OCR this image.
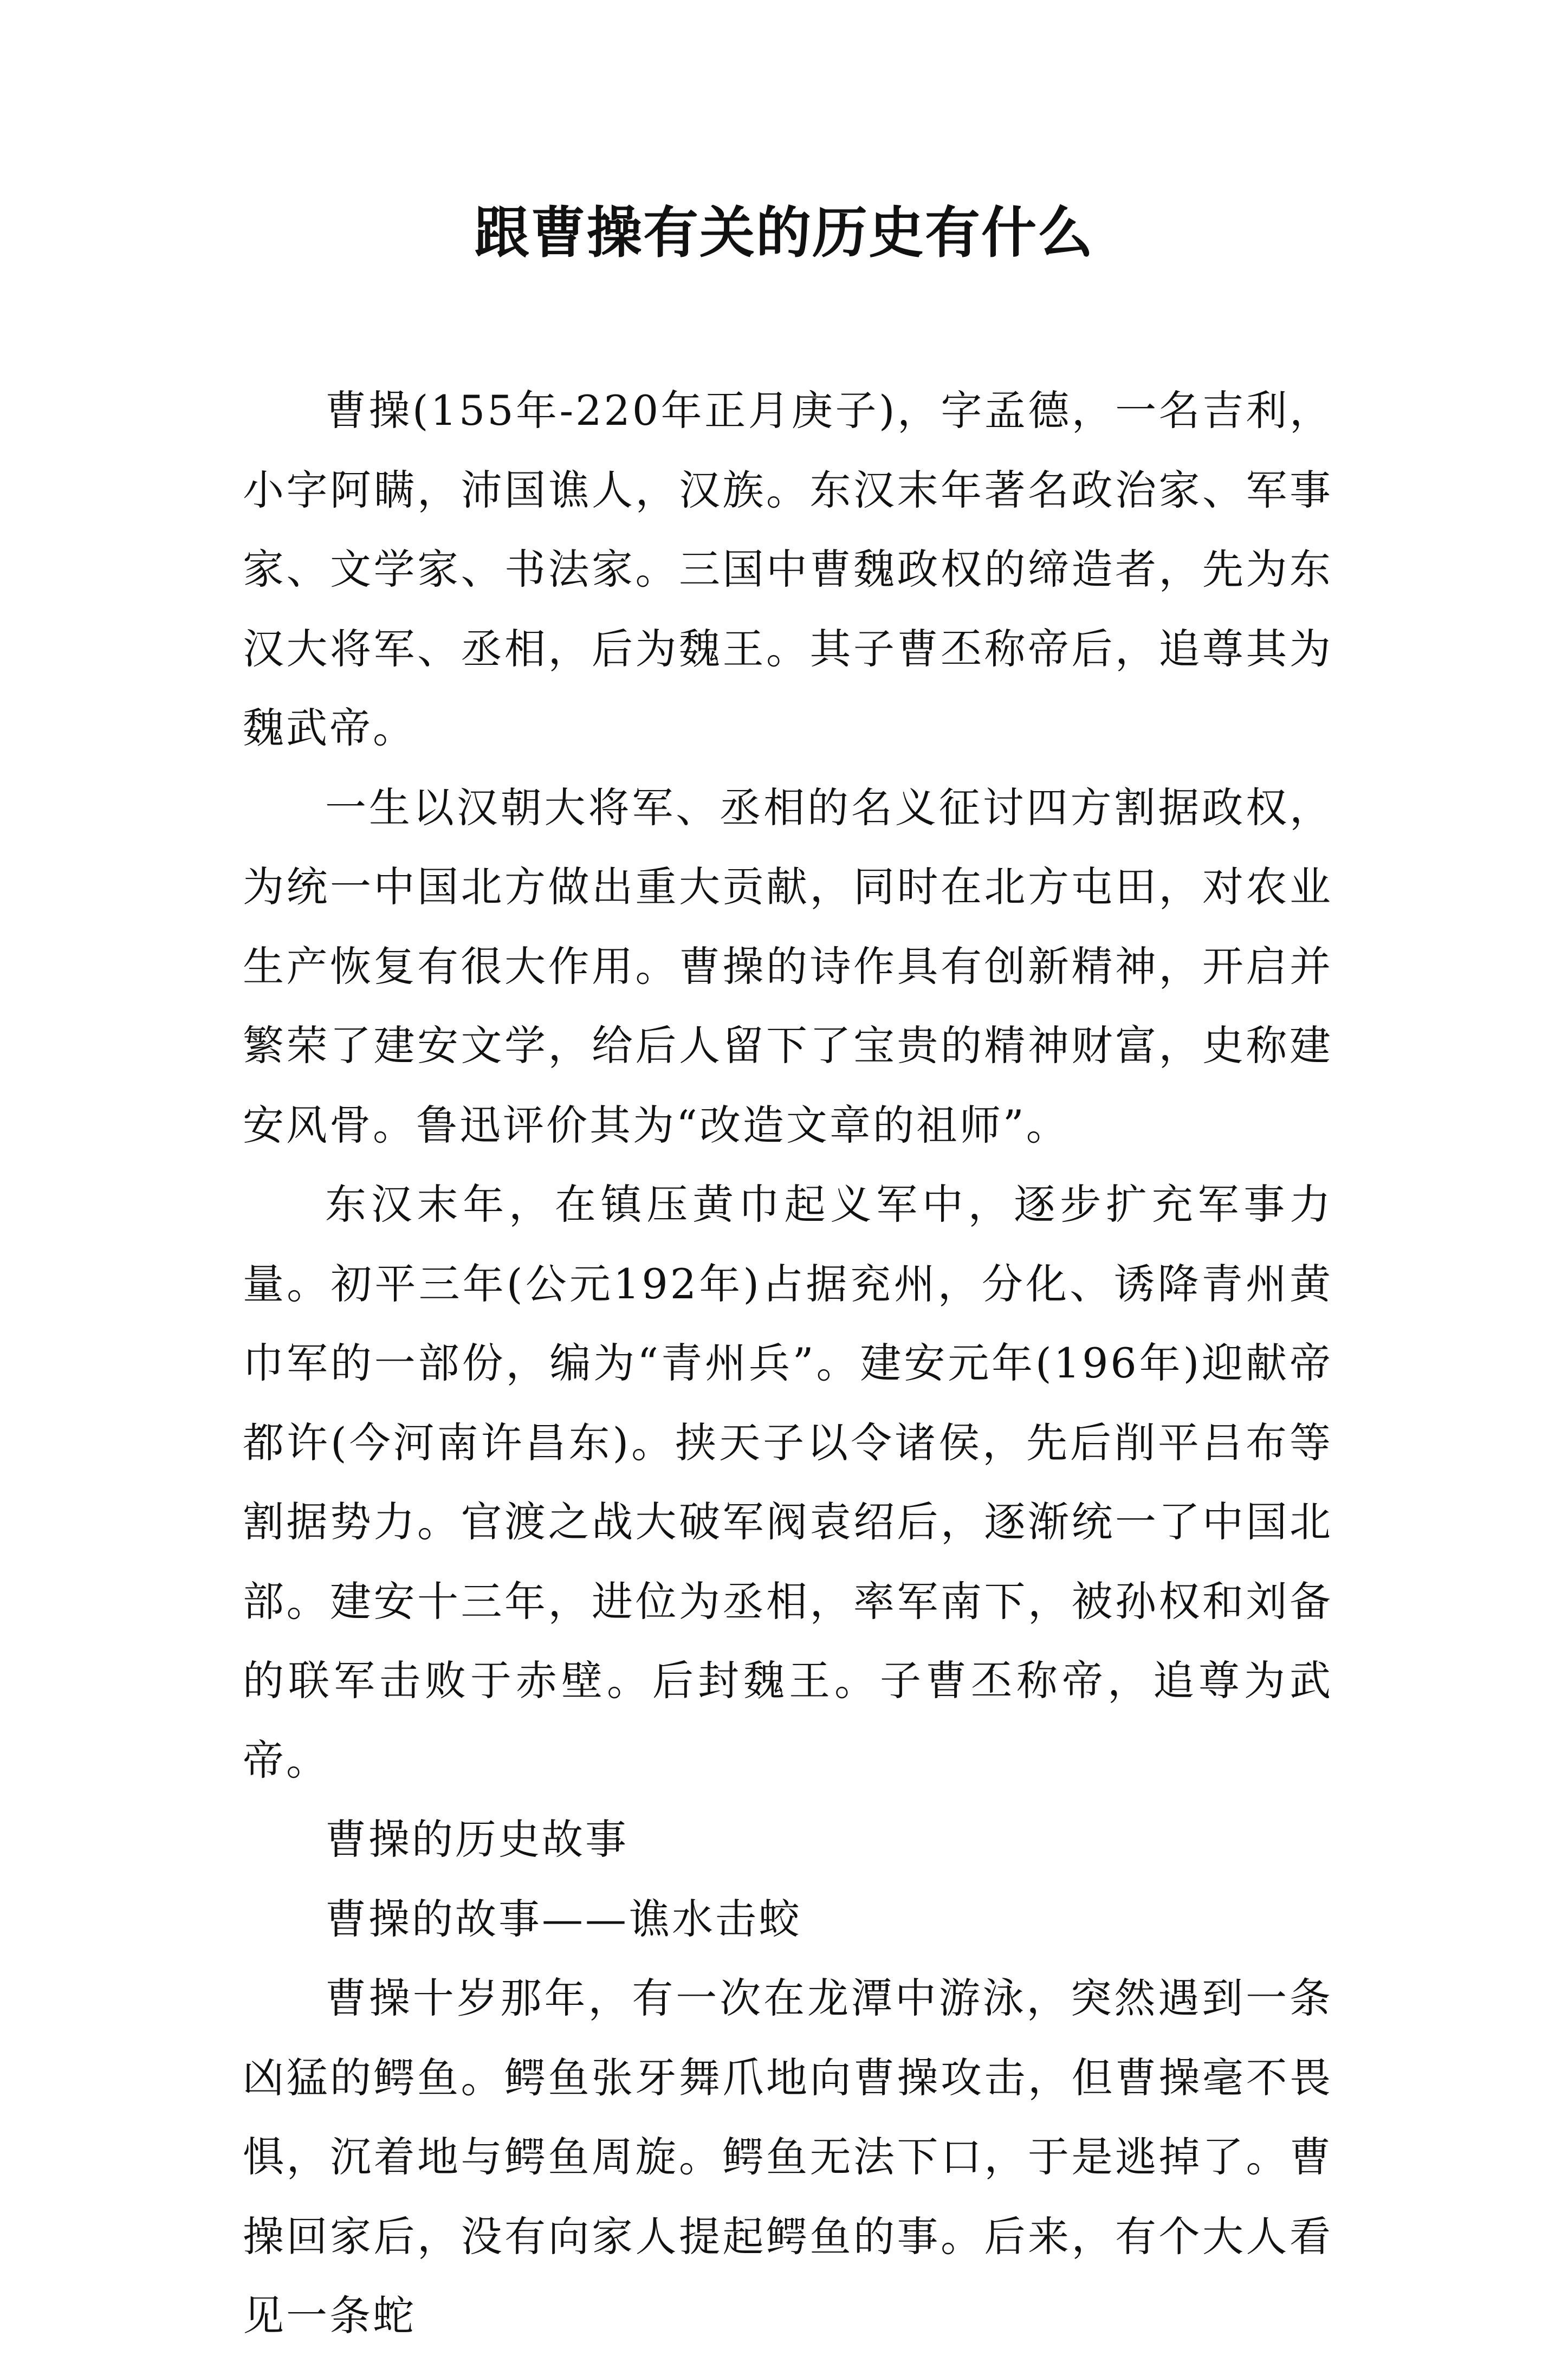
跟曹操有关的历史有什么

曹操(155年-220年正月庚子)，字孟德，一名吉利，小字阿瞒，沛国谯人，汉族。东汉末年著名政治家、军事家、文学家、书法家。三国中曹魏政权的缔造者，先为东汉大将军、丞相，后为魏王。其子曹丕称帝后，追尊其为魏武帝。

一生以汉朝大将军、丞相的名义征讨四方割据政权，为统一中国北方做出重大贡献，同时在北方屯田，对农业生产恢复有很大作用。曹操的诗作具有创新精神，开启并繁荣了建安文学，给后人留下了宝贵的精神财富，史称建安风骨。鲁迅评价其为“改造文章的祖师”。

东汉末年，在镇压黄巾起义军中，逐步扩充军事力量。初平三年(公元192年)占据兖州，分化、诱降青州黄巾军的一部份，编为“青州兵”。建安元年(196年)迎献帝都许(今河南许昌东)。挟天子以令诸侯，先后削平吕布等割据势力。官渡之战大破军阀袁绍后，逐渐统一了中国北部。建安十三年，进位为丞相，率军南下，被孙权和刘备的联军击败于赤壁。后封魏王。子曹丕称帝，追尊为武帝。

曹操的历史故事

曹操的故事——谯水击蛟

曹操十岁那年，有一次在龙潭中游泳，突然遇到一条凶猛的鳄鱼。鳄鱼张牙舞爪地向曹操攻击，但曹操毫不畏惧，沉着地与鳄鱼周旋。鳄鱼无法下口，于是逃掉了。曹操回家后，没有向家人提起鳄鱼的事。后来，有个大人看见一条蛇
